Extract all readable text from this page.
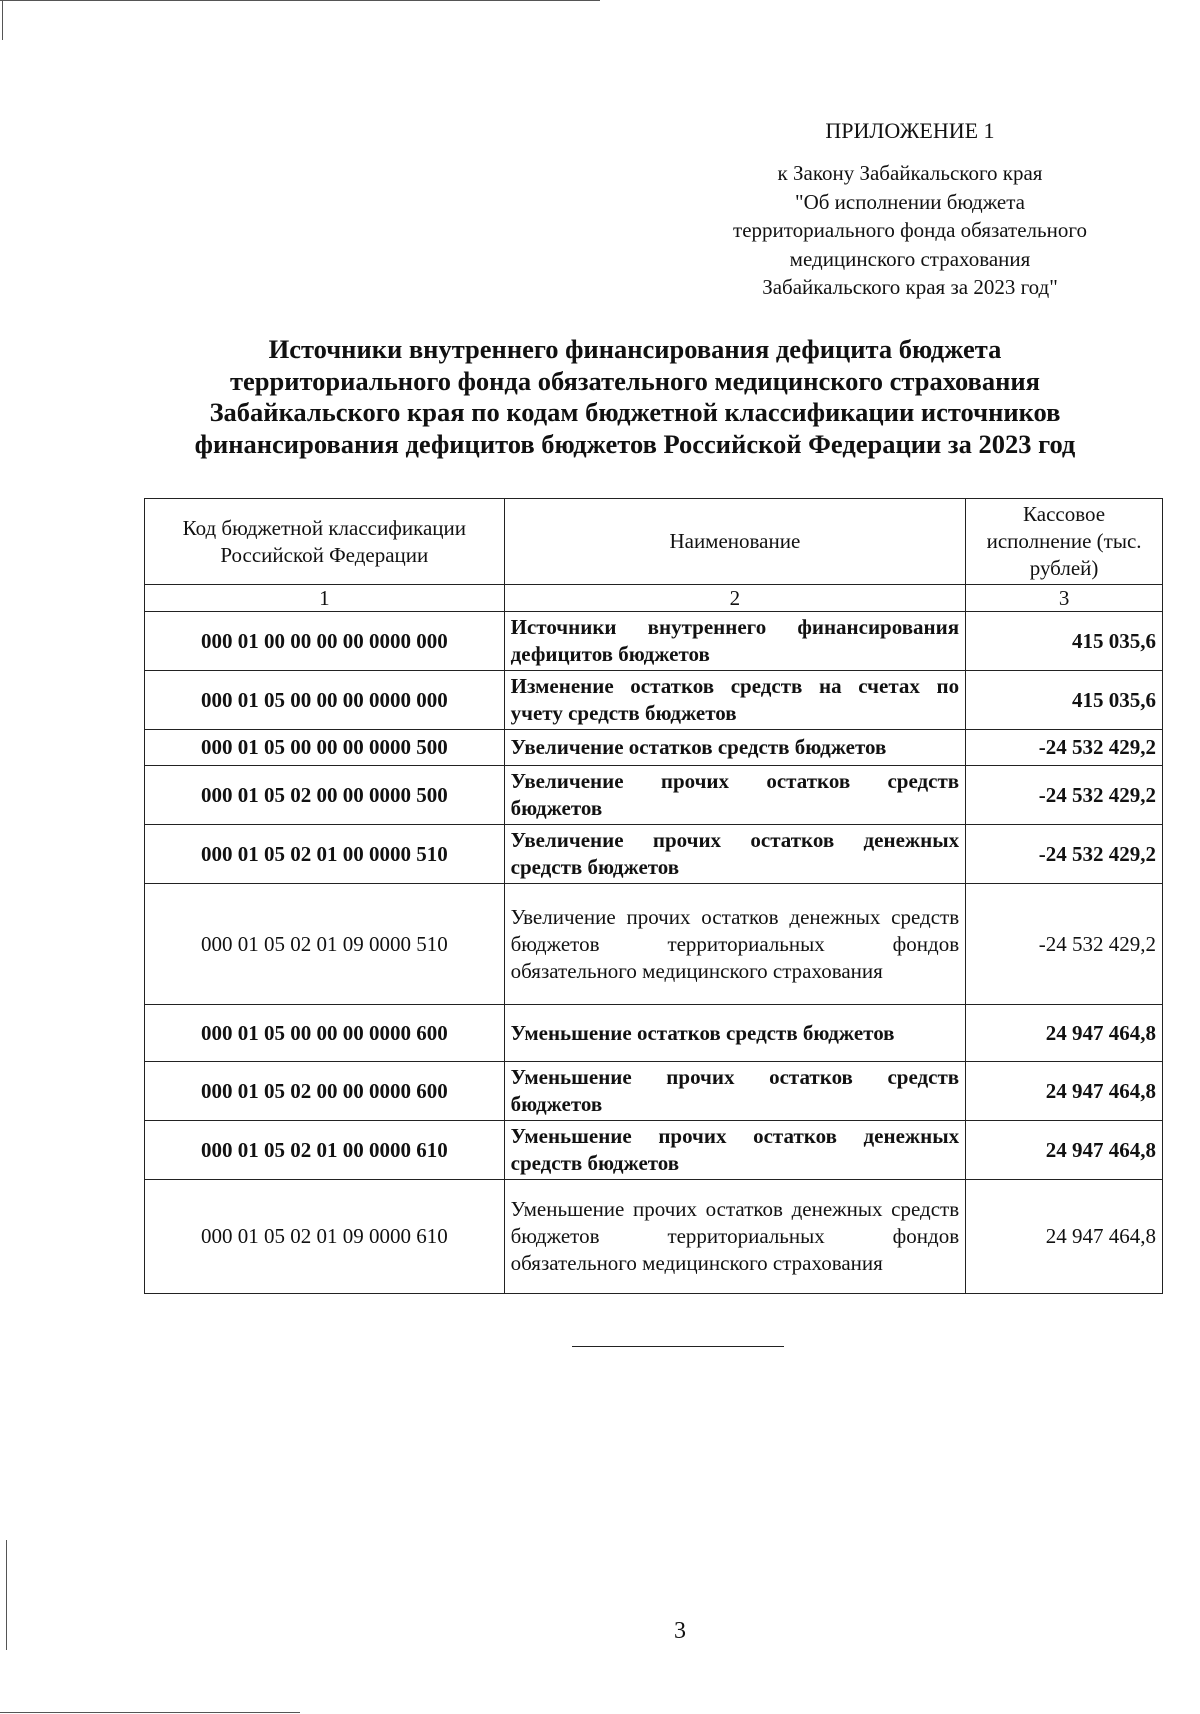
ПРИЛОЖЕНИЕ 1
к Закону Забайкальского края
"Об исполнении бюджета
территориального фонда обязательного
медицинского страхования
Забайкальского края за 2023 год"
Источники внутреннего финансирования дефицита бюджета
территориального фонда обязательного медицинского страхования
Забайкальского края по кодам бюджетной классификации источников
финансирования дефицитов бюджетов Российской Федерации за 2023 год
Код бюджетной классификации Российской Федерации	Наименование	Кассовое исполнение (тыс. рублей)
1	2	3
000 01 00 00 00 00 0000 000	Источники внутреннего финансирования дефицитов бюджетов	415 035,6
000 01 05 00 00 00 0000 000	Изменение остатков средств на счетах по учету средств бюджетов	415 035,6
000 01 05 00 00 00 0000 500	Увеличение остатков средств бюджетов	-24 532 429,2
000 01 05 02 00 00 0000 500	Увеличение прочих остатков средств бюджетов	-24 532 429,2
000 01 05 02 01 00 0000 510	Увеличение прочих остатков денежных средств бюджетов	-24 532 429,2
000 01 05 02 01 09 0000 510	Увеличение прочих остатков денежных средств бюджетов территориальных фондов обязательного медицинского страхования	-24 532 429,2
000 01 05 00 00 00 0000 600	Уменьшение остатков средств бюджетов	24 947 464,8
000 01 05 02 00 00 0000 600	Уменьшение прочих остатков средств бюджетов	24 947 464,8
000 01 05 02 01 00 0000 610	Уменьшение прочих остатков денежных средств бюджетов	24 947 464,8
000 01 05 02 01 09 0000 610	Уменьшение прочих остатков денежных средств бюджетов территориальных фондов обязательного медицинского страхования	24 947 464,8
3
